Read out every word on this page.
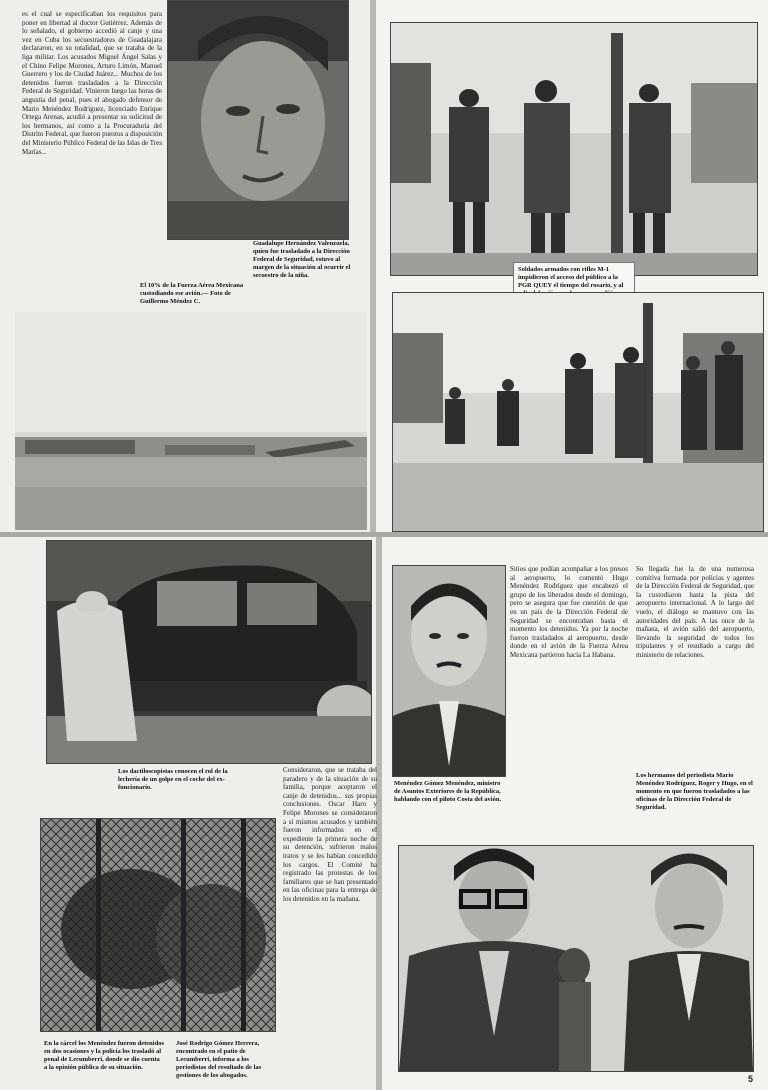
es el cual se especificaban los requisitos para poner en libertad al doctor Gutiérrez. Además de lo señalado, el gobierno accedió al canje y una vez en Cuba los secuestradores de Guadalajara declararon, en su totalidad, que se trataba de la liga militar. Los acusados Miguel Ángel Salas y el Chino Felipe Morones, Arturo Limón, Manuel Guerrero y los de Ciudad Juárez... Muchos de los detenidos fueron trasladados a la Dirección Federal de Seguridad. Vinieron luego las horas de angustia del penal, pues el abogado defensor de Mario Menéndez Rodríguez, licenciado Enrique Ortega Arenas, acudió a presentar su solicitud de los hermanos, así como a la Procuraduría del Distrito Federal, que fueron puestos a disposición del Ministerio Público Federal de las Islas de Tres Marías...

Guadalupe Hernández Valenzuela, quien fue trasladado a la Dirección Federal de Seguridad, estuvo al margen de la situación al ocurrir el secuestro de la niña.
El 10% de la Fuerza Aérea Mexicana custodiando ese avión.— Foto de Guillermo Méndez C.
Soldados armados con rifles M-1 impidieron el acceso del público a la PGR QUEY el tiempo del rosario, y al
Los dactiloscopistas conocen el rol de la lechería de un golpe en el coche del ex-funcionario.

Consideraron, que se trataba del paradero y de la situación de su familia, porque aceptaron el canje de detenidos... sus propias conclusiones. Oscar Haro y Felipe Morones se consideraron a sí mismos acusados y también fueron informados en el expediente la primera noche de su detención, sufrieron malos tratos y se les habían concedido los cargos. El Comité ha registrado las protestas de los familiares que se han presentado en las oficinas para la entrega de los detenidos en la mañana.

En la cárcel los Menéndez fueron detenidos en dos ocasiones y la policía los trasladó al penal de Lecumberri, donde se dio cuenta a la opinión pública de su situación.
José Rodrigo Gómez Herrera, encontrado en el patio de Lecumberri, informa a los periodistas del resultado de las gestiones de los abogados.
Menéndez Gómez Menéndez, ministro de Asuntos Exteriores de la República, hablando con el piloto Costa del avión.

Sitios que podían acompañar a los presos al aeropuerto, lo comentó Hugo Menéndez Rodríguez que encabezó el grupo de los liberados desde el domingo, pero se asegura que fue cuestión de que en un país de la Dirección Federal de Seguridad se encontraban hasta el momento los detenidos. Ya por la noche fueron trasladados al aeropuerto, desde donde en el avión de la Fuerza Aérea Mexicana partieron hacia La Habana.

Su llegada fue la de una numerosa comitiva formada por policías y agentes de la Dirección Federal de Seguridad, que la custodiaron hasta la pista del aeropuerto internacional. A lo largo del vuelo, el diálogo se mantuvo con las autoridades del país. A las once de la mañana, el avión salió del aeropuerto, llevando la seguridad de todos los tripulantes y el resultado a cargo del ministerio de relaciones.

Los hermanos del periodista Mario Menéndez Rodríguez, Roger y Hugo, en el momento en que fueron trasladados a las oficinas de la Dirección Federal de Seguridad.
5
